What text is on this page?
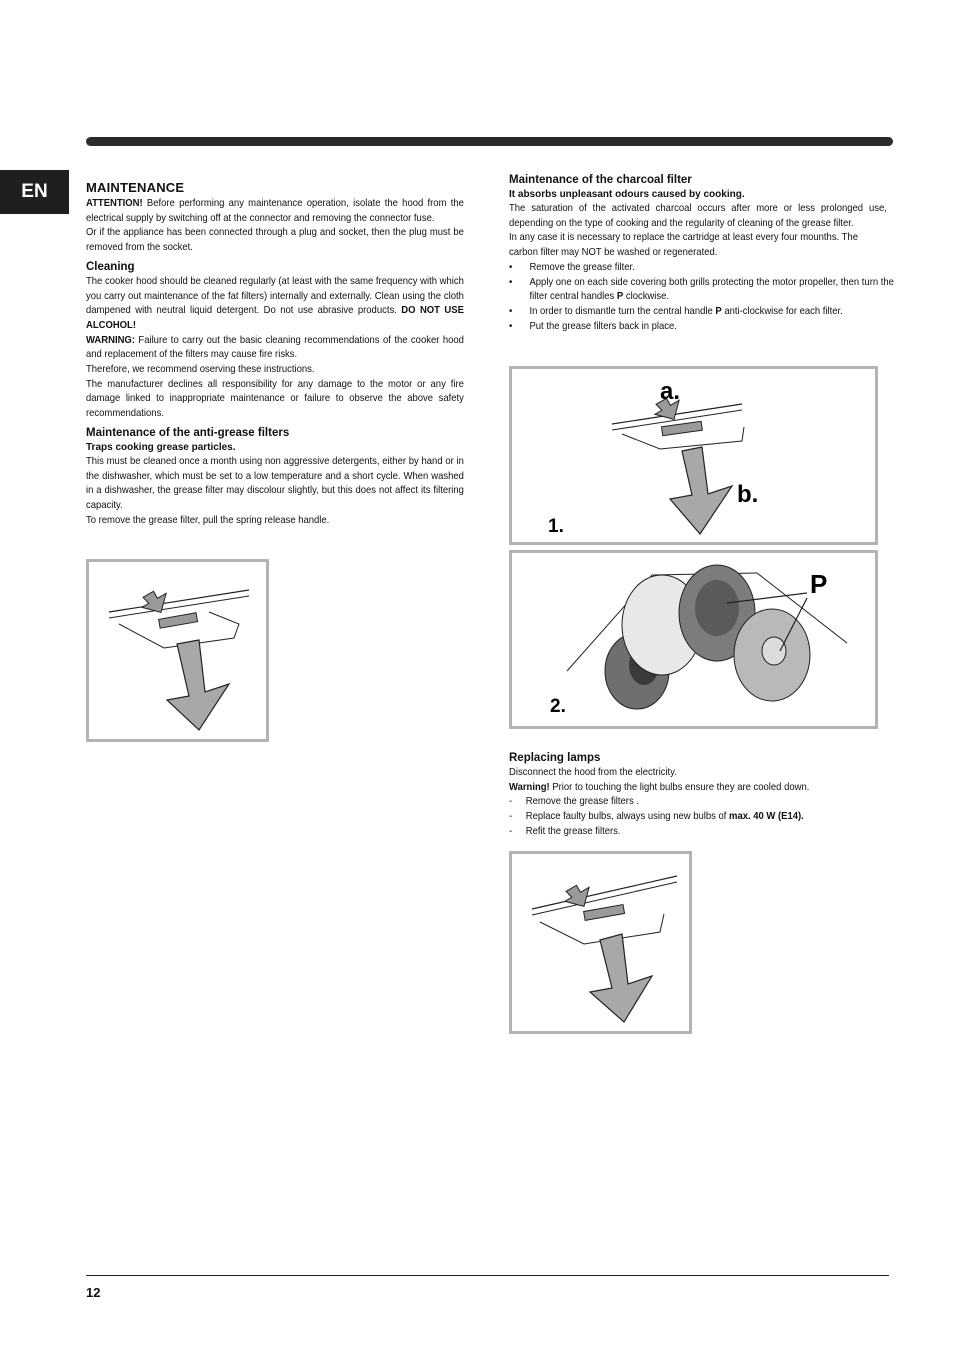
EN	MAINTENANCE

ATTENTION! Before performing any maintenance operation, isolate the hood from the electrical supply by switching off at the connector and removing the connector fuse.

Or if the appliance has been connected through a plug and socket, then the plug must be removed from the socket.

Cleaning

The cooker hood should be cleaned regularly (at least with the same frequency with which you carry out maintenance of the fat filters) internally and externally. Clean using the cloth dampened with neutral liquid detergent. Do not use abrasive products. DO NOT USE ALCOHOL!

WARNING: Failure to carry out the basic cleaning recommendations of the cooker hood and replacement of the filters may cause fire risks.

Therefore, we recommend oserving these instructions.

The manufacturer declines all responsibility for any damage to the motor or any fire damage linked to inappropriate maintenance or failure to observe the above safety recommendations.

Maintenance of the anti-grease filters
Traps cooking grease particles.

This must be cleaned once a month using non aggressive detergents, either by hand or in the dishwasher, which must be set to a low temperature and a short cycle. When washed in a dishwasher, the grease filter may discolour slightly, but this does not affect its filtering capacity.

To remove the grease filter, pull the spring release handle.

Maintenance of the charcoal filter
It absorbs unpleasant odours caused by cooking.

The saturation of the activated charcoal occurs after more or less prolonged use, depending on the type of cooking and the regularity of cleaning of the grease filter.

In any case it is necessary to replace the cartridge at least every four mounths. The carbon filter may NOT be washed or regenerated.

• Remove the grease filter.
• Apply one on each side covering both grills protecting the motor propeller, then turn the filter central handles P clockwise.
• In order to dismantle turn the central handle P anti-clockwise for each filter.
• Put the grease filters back in place.
a.
b.
1.
P
2.
Replacing lamps

Disconnect the hood from the electricity.

Warning! Prior to touching the light bulbs ensure they are cooled down.

- Remove the grease filters .
- Replace faulty bulbs, always using new bulbs of max. 40 W (E14).
- Refit the grease filters.
12
